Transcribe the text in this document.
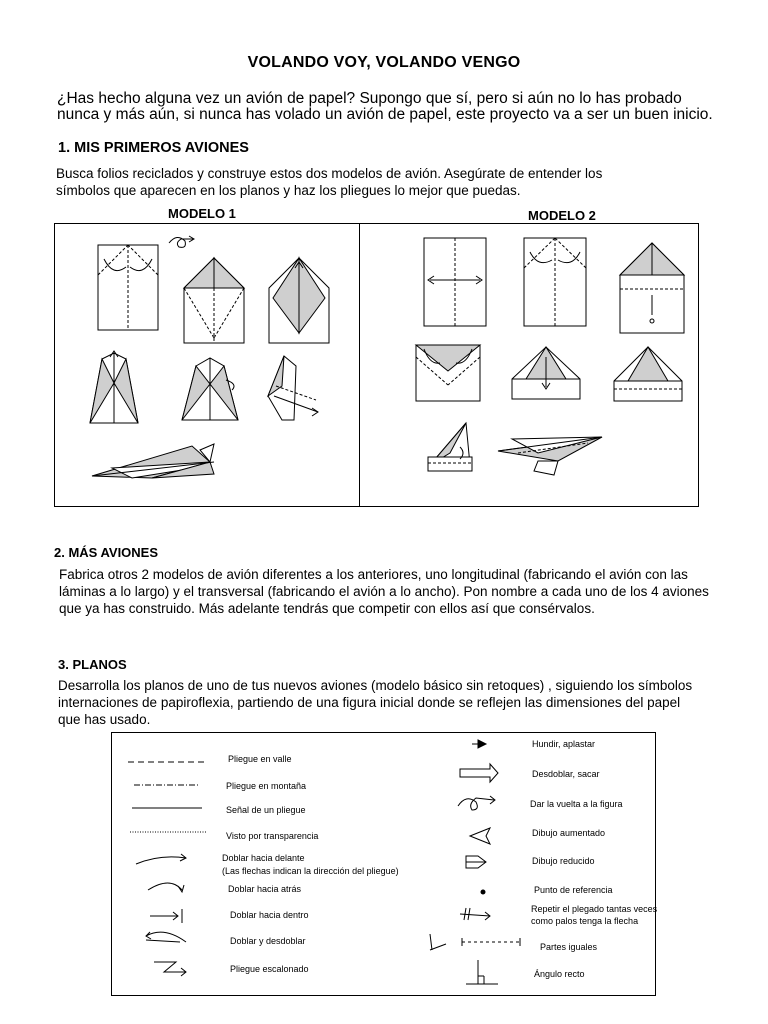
VOLANDO VOY, VOLANDO VENGO
¿Has hecho alguna vez un avión de papel? Supongo que sí, pero si aún no lo has probado
nunca y más aún, si nunca has volado un avión de papel, este proyecto va a ser un buen inicio.
1. MIS PRIMEROS AVIONES
Busca folios reciclados y construye estos dos modelos de avión. Asegúrate de entender los
símbolos que aparecen en los planos y haz los pliegues lo mejor que puedas.
MODELO 1	MODELO 2
2. MÁS AVIONES
Fabrica otros 2 modelos de avión diferentes a los anteriores, uno longitudinal (fabricando el avión con las
láminas a lo largo) y el transversal (fabricando el avión a lo ancho). Pon nombre a cada uno de los 4 aviones
que ya has construido. Más adelante tendrás que competir con ellos así que consérvalos.
3. PLANOS
Desarrolla los planos de uno de tus nuevos aviones (modelo básico sin retoques) , siguiendo los símbolos
internaciones de papiroflexia, partiendo de una figura inicial donde se reflejen las dimensiones del papel
que has usado.
Pliegue en valle
Pliegue en montaña
Señal de un pliegue
Visto por transparencia
Doblar hacia delante
(Las flechas indican la dirección del pliegue)
Doblar hacia atrás
Doblar hacia dentro
Doblar y desdoblar
Pliegue escalonado
Hundir, aplastar
Desdoblar, sacar
Dar la vuelta a la figura
Dibujo aumentado
Dibujo reducido
Punto de referencia
Repetir el plegado tantas veces
como palos tenga la flecha
Partes iguales
Ángulo recto
